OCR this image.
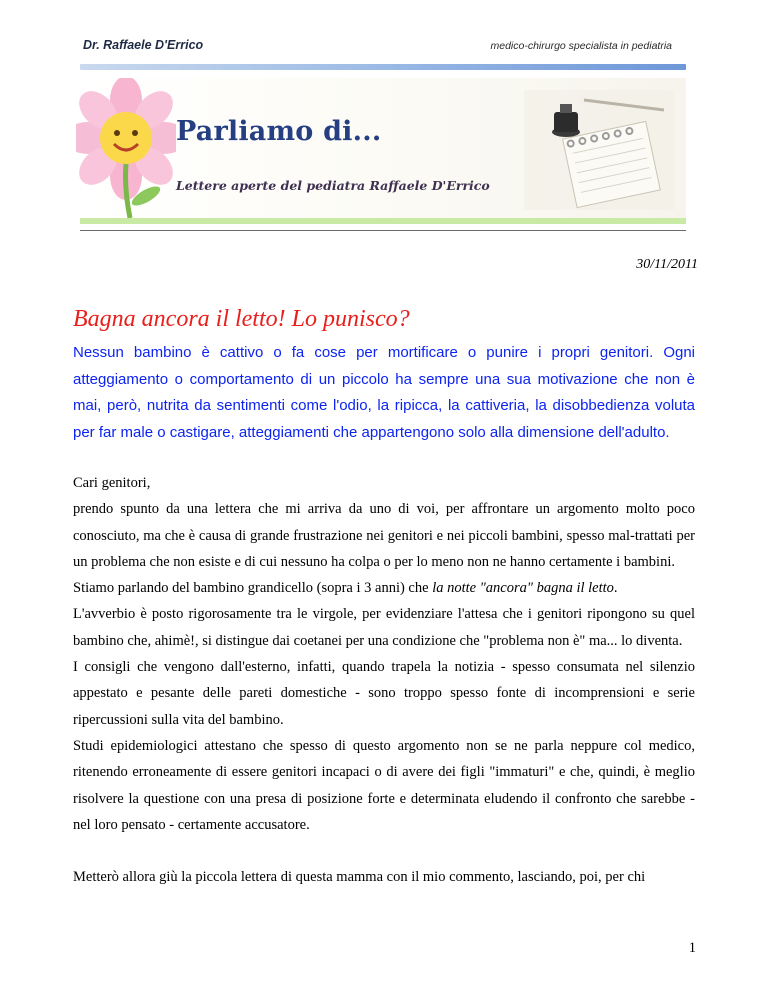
Dr. Raffaele D'Errico	medico-chirurgo specialista in pediatria
Parliamo di...
Lettere aperte del pediatra Raffaele D'Errico
30/11/2011
Bagna ancora il letto! Lo punisco?
Nessun bambino è cattivo o fa cose per mortificare o punire i propri genitori. Ogni atteggiamento o comportamento di un piccolo ha sempre una sua motivazione che non è mai, però, nutrita da sentimenti come l'odio, la ripicca, la cattiveria, la disobbedienza voluta per far male o castigare, atteggiamenti che appartengono solo alla dimensione dell'adulto.

Cari genitori,

prendo spunto da una lettera che mi arriva da uno di voi, per affrontare un argomento molto poco conosciuto, ma che è causa di grande frustrazione nei genitori e nei piccoli bambini, spesso mal-trattati per un problema che non esiste e di cui nessuno ha colpa o per lo meno non ne hanno certamente i bambini.

Stiamo parlando del bambino grandicello (sopra i 3 anni) che la notte "ancora" bagna il letto.

L'avverbio è posto rigorosamente tra le virgole, per evidenziare l'attesa che i genitori ripongono su quel bambino che, ahimè!, si distingue dai coetanei per una condizione che "problema non è" ma... lo diventa.

I consigli che vengono dall'esterno, infatti, quando trapela la notizia - spesso consumata nel silenzio appestato e pesante delle pareti domestiche - sono troppo spesso fonte di incomprensioni e serie ripercussioni sulla vita del bambino.

Studi epidemiologici attestano che spesso di questo argomento non se ne parla neppure col medico, ritenendo erroneamente di essere genitori incapaci o di avere dei figli "immaturi" e che, quindi, è meglio risolvere la questione con una presa di posizione forte e determinata eludendo il confronto che sarebbe - nel loro pensato - certamente accusatore.

Metterò allora giù la piccola lettera di questa mamma con il mio commento, lasciando, poi, per chi

1
